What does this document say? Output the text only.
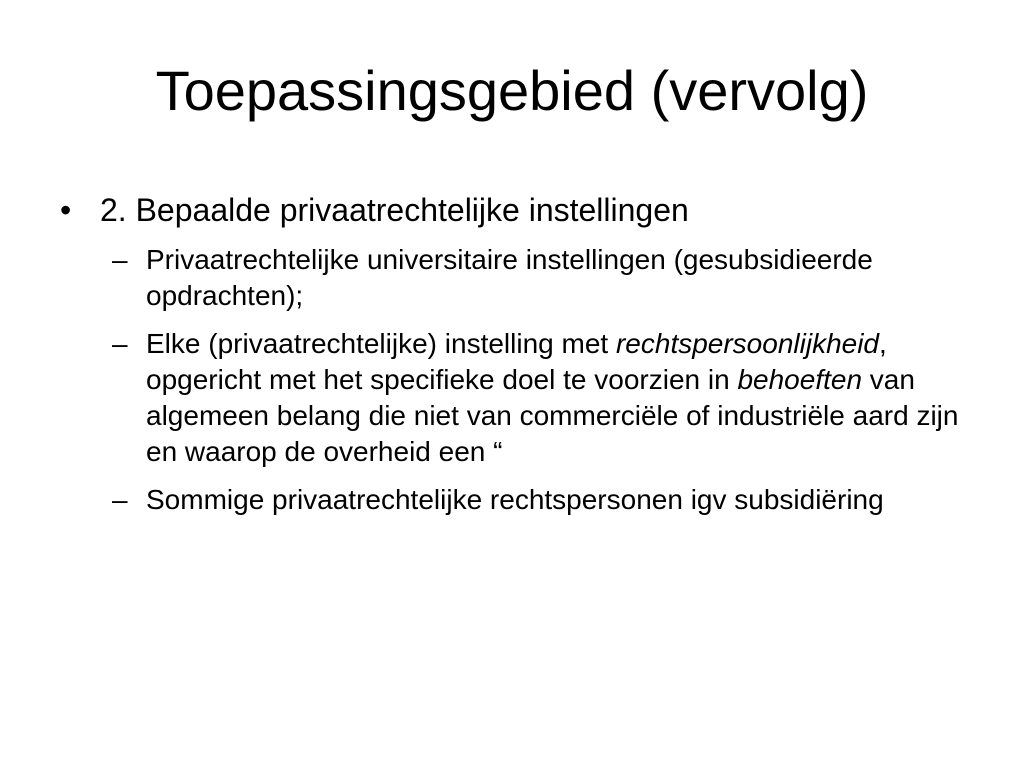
Toepassingsgebied (vervolg)
• 2. Bepaalde privaatrechtelijke instellingen
– Privaatrechtelijke universitaire instellingen (gesubsidieerde opdrachten);
– Elke (privaatrechtelijke) instelling met rechtspersoonlijkheid, opgericht met het specifieke doel te voorzien in behoeften van algemeen belang die niet van commerciële of industriële aard zijn en waarop de overheid een “
– Sommige privaatrechtelijke rechtspersonen igv subsidiëring
